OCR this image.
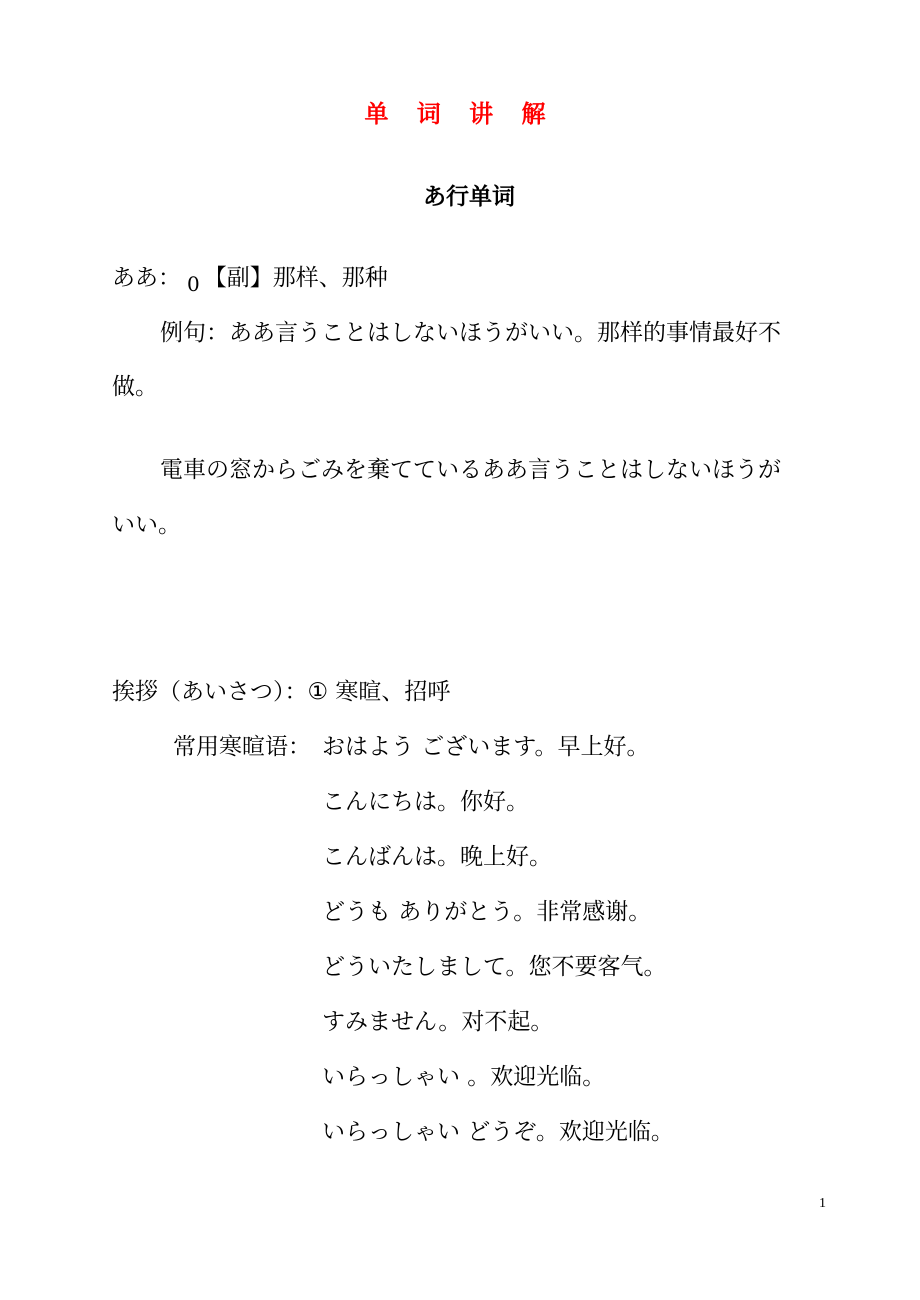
单 词 讲 解
あ行单词
ああ： 0 【副】那样、那种
例句：ああ言うことはしないほうがいい。那样的事情最好不
做。
電車の窓からごみを棄てているああ言うことはしないほうが
いい。
挨拶（あいさつ）：① 寒暄、招呼
常用寒暄语： おはよう ございます。早上好。
こんにちは。你好。
こんばんは。晚上好。
どうも ありがとう。非常感谢。
どういたしまして。您不要客气。
すみません。对不起。
いらっしゃい 。欢迎光临。
いらっしゃい どうぞ。欢迎光临。
1
